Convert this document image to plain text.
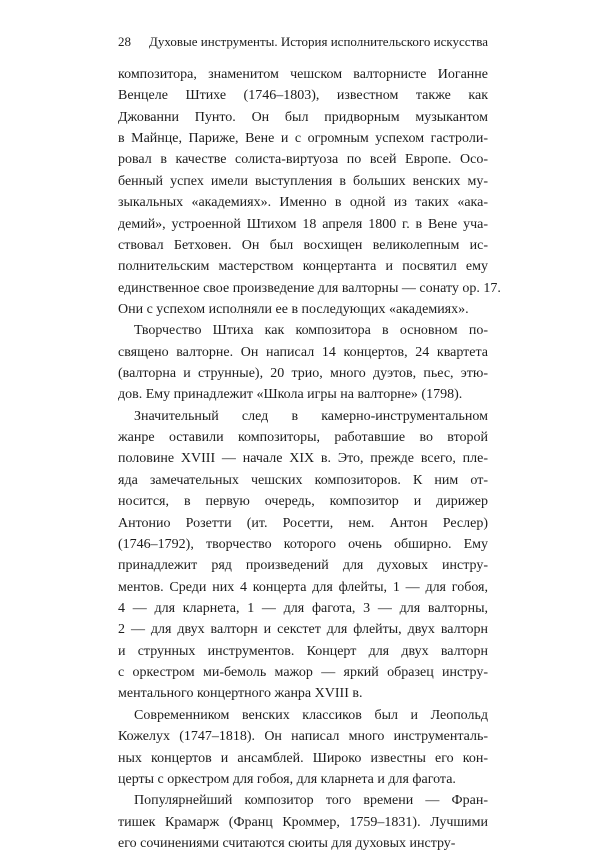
28	Духовые инструменты. История исполнительского искусства
композитора, знаменитом чешском валторнисте Иоганне
Венцеле Штихе (1746–1803), известном также как
Джованни Пунто. Он был придворным музыкантом
в Майнце, Париже, Вене и с огромным успехом гастроли-
ровал в качестве солиста-виртуоза по всей Европе. Осо-
бенный успех имели выступления в больших венских му-
зыкальных «академиях». Именно в одной из таких «ака-
демий», устроенной Штихом 18 апреля 1800 г. в Вене уча-
ствовал Бетховен. Он был восхищен великолепным ис-
полнительским мастерством концертанта и посвятил ему
единственное свое произведение для валторны — сонату ор. 17.
Они с успехом исполняли ее в последующих «академиях».
Творчество Штиха как композитора в основном по-
священо валторне. Он написал 14 концертов, 24 квартета
(валторна и струнные), 20 трио, много дуэтов, пьес, этю-
дов. Ему принадлежит «Школа игры на валторне» (1798).
Значительный след в камерно-инструментальном
жанре оставили композиторы, работавшие во второй
половине XVIII — начале XIX в. Это, прежде всего, пле-
яда замечательных чешских композиторов. К ним от-
носится, в первую очередь, композитор и дирижер
Антонио Розетти (ит. Росетти, нем. Антон Реслер)
(1746–1792), творчество которого очень обширно. Ему
принадлежит ряд произведений для духовых инстру-
ментов. Среди них 4 концерта для флейты, 1 — для гобоя,
4 — для кларнета, 1 — для фагота, 3 — для валторны,
2 — для двух валторн и секстет для флейты, двух валторн
и струнных инструментов. Концерт для двух валторн
с оркестром ми-бемоль мажор — яркий образец инстру-
ментального концертного жанра XVIII в.
Современником венских классиков был и Леопольд
Кожелух (1747–1818). Он написал много инструменталь-
ных концертов и ансамблей. Широко известны его кон-
церты с оркестром для гобоя, для кларнета и для фагота.
Популярнейший композитор того времени — Фран-
тишек Крамарж (Франц Кроммер, 1759–1831). Лучшими
его сочинениями считаются сюиты для духовых инстру-
